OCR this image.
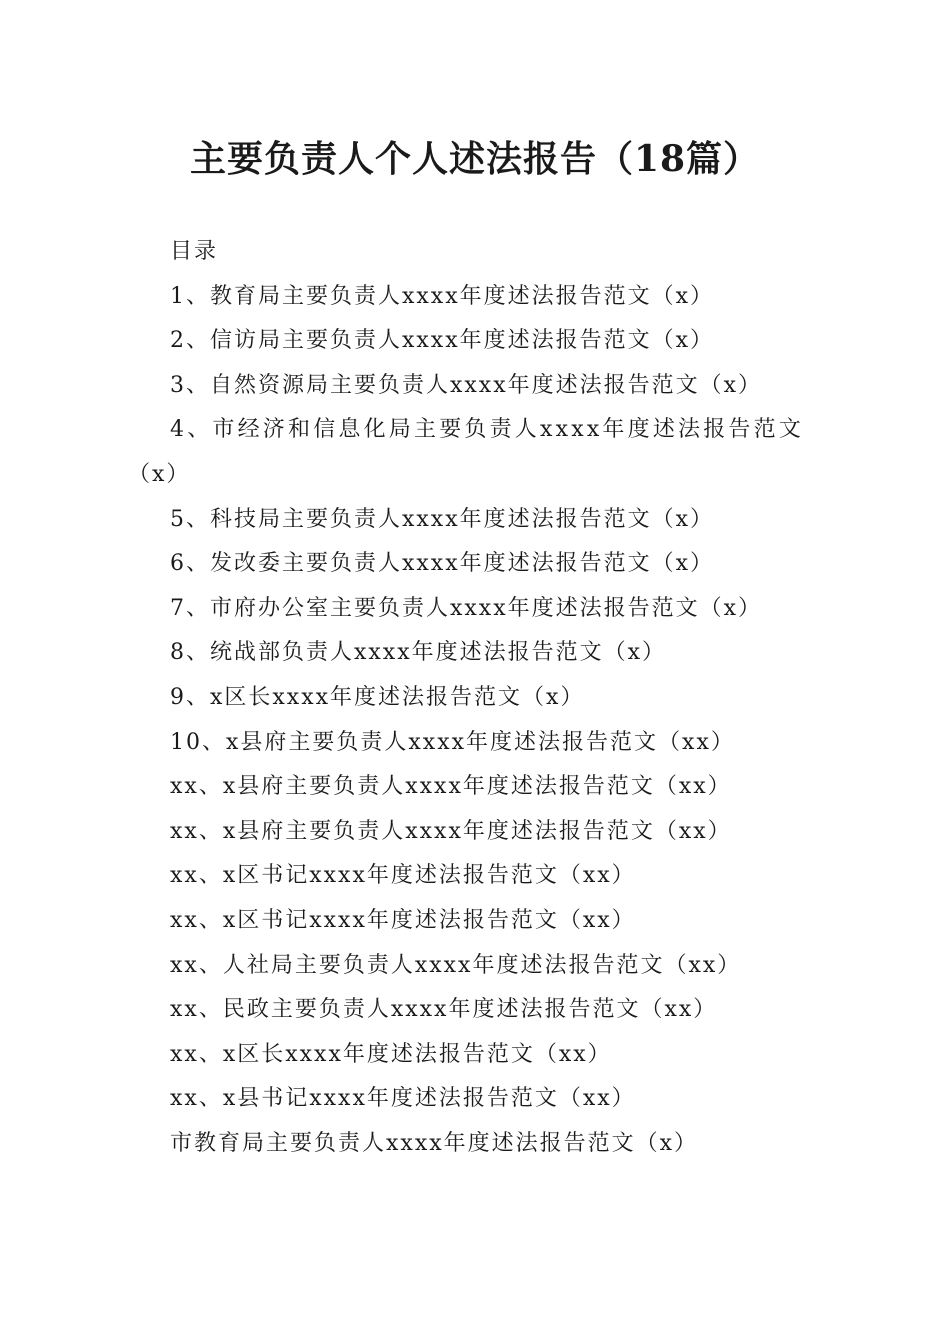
主要负责人个人述法报告（18篇）
目录
1、教育局主要负责人xxxx年度述法报告范文（x）
2、信访局主要负责人xxxx年度述法报告范文（x）
3、自然资源局主要负责人xxxx年度述法报告范文（x）
4、市经济和信息化局主要负责人xxxx年度述法报告范文
（x）
5、科技局主要负责人xxxx年度述法报告范文（x）
6、发改委主要负责人xxxx年度述法报告范文（x）
7、市府办公室主要负责人xxxx年度述法报告范文（x）
8、统战部负责人xxxx年度述法报告范文（x）
9、x区长xxxx年度述法报告范文（x）
10、x县府主要负责人xxxx年度述法报告范文（xx）
xx、x县府主要负责人xxxx年度述法报告范文（xx）
xx、x县府主要负责人xxxx年度述法报告范文（xx）
xx、x区书记xxxx年度述法报告范文（xx）
xx、x区书记xxxx年度述法报告范文（xx）
xx、人社局主要负责人xxxx年度述法报告范文（xx）
xx、民政主要负责人xxxx年度述法报告范文（xx）
xx、x区长xxxx年度述法报告范文（xx）
xx、x县书记xxxx年度述法报告范文（xx）
市教育局主要负责人xxxx年度述法报告范文（x）
